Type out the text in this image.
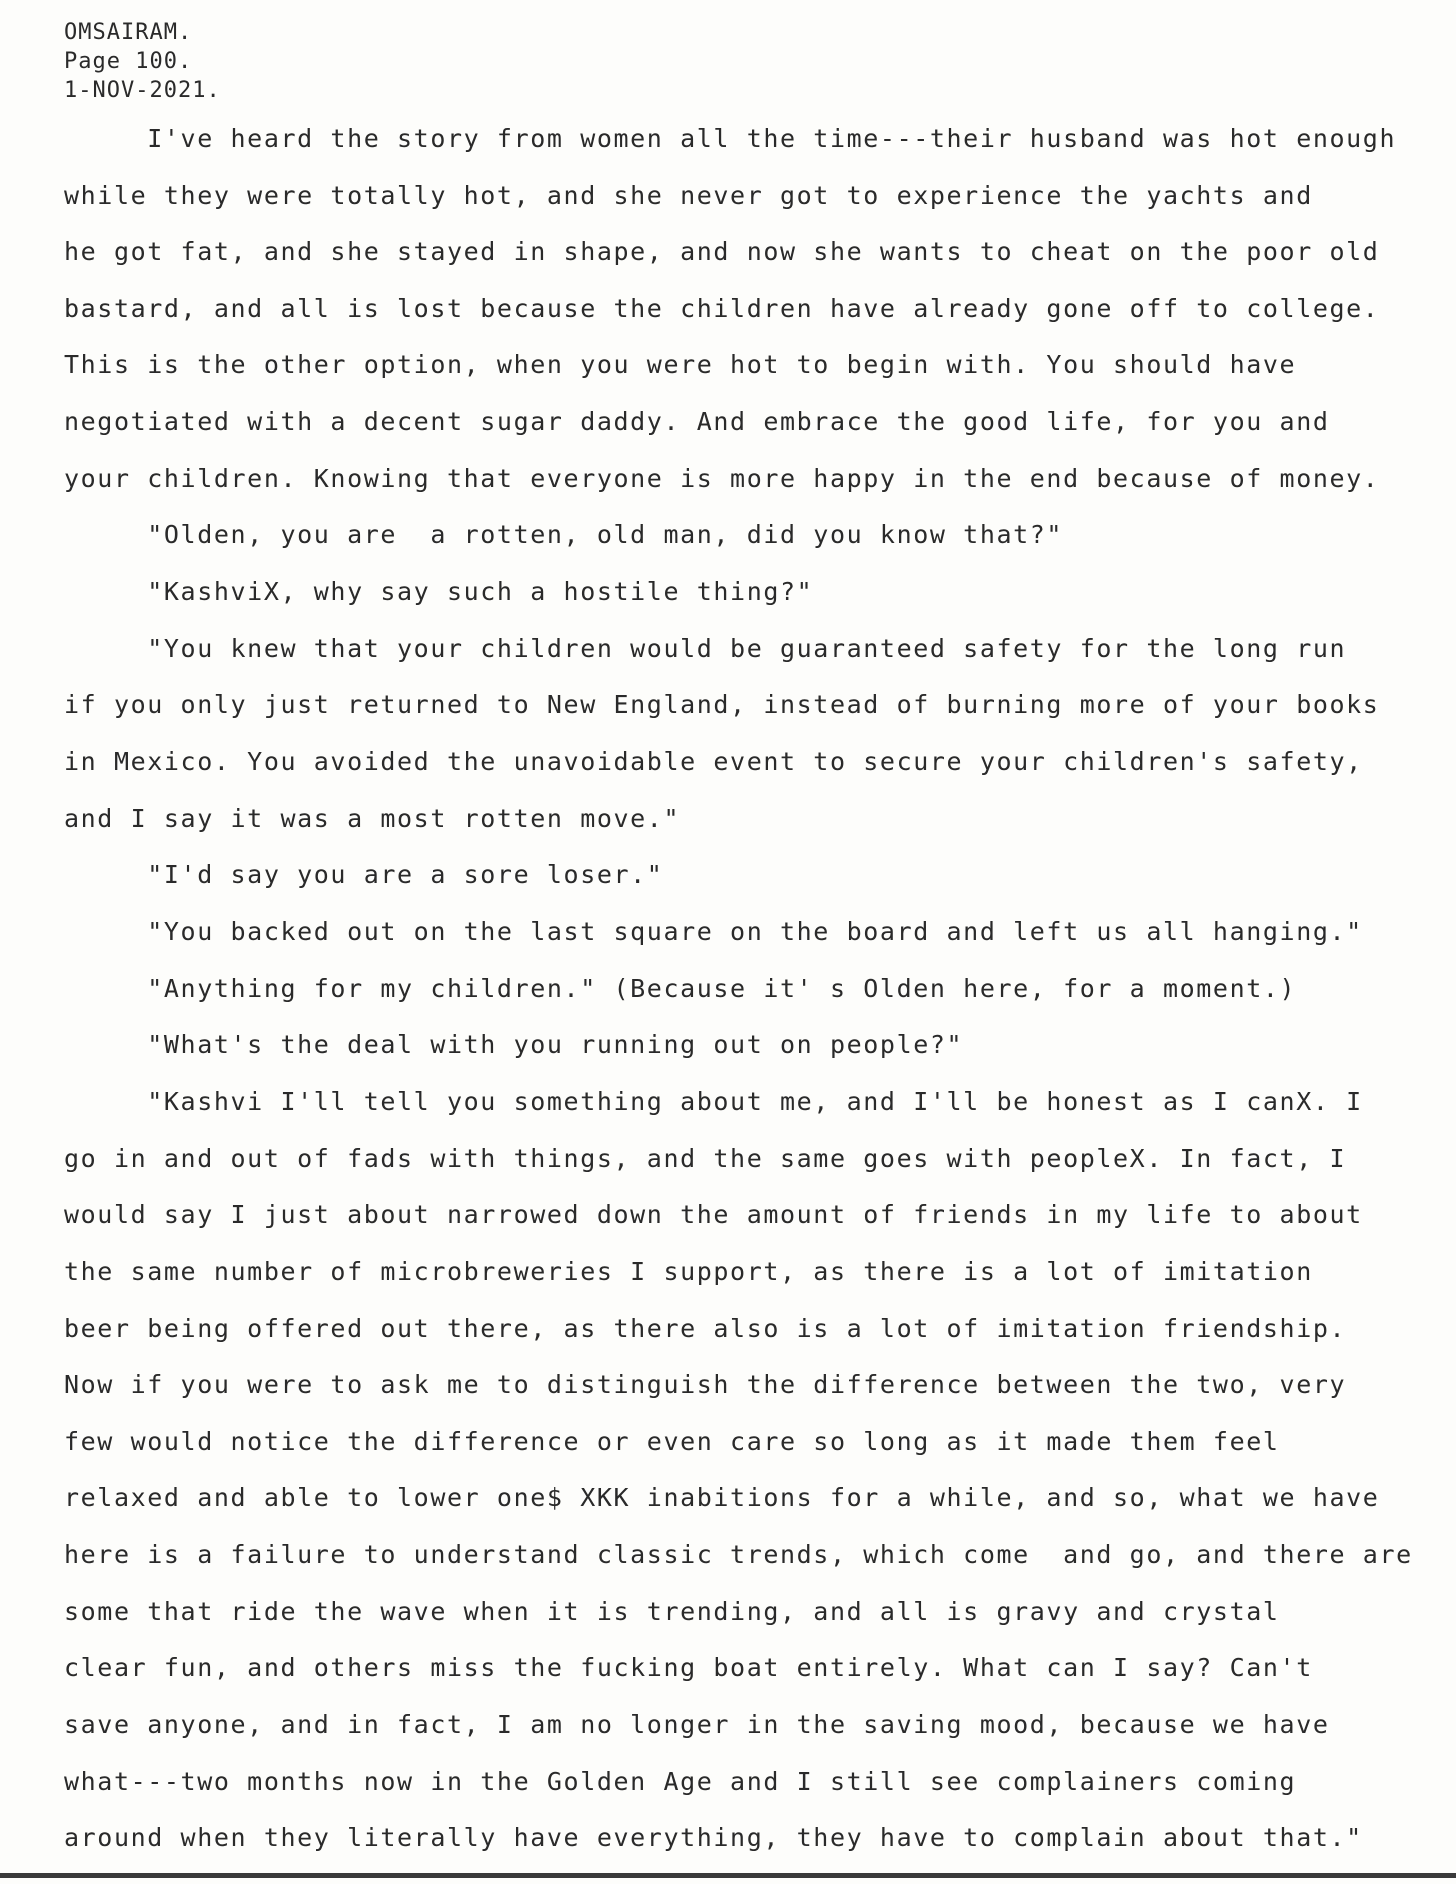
OMSAIRAM.
Page 100.
1-NOV-2021.
I've heard the story from women all the time---their husband was hot enough
while they were totally hot, and she never got to experience the yachts and
he got fat, and she stayed in shape, and now she wants to cheat on the poor old
bastard, and all is lost because the children have already gone off to college.
This is the other option, when you were hot to begin with. You should have
negotiated with a decent sugar daddy. And embrace the good life, for you and
your children. Knowing that everyone is more happy in the end because of money.
"Olden, you are  a rotten, old man, did you know that?"
"KashviX, why say such a hostile thing?"
"You knew that your children would be guaranteed safety for the long run
if you only just returned to New England, instead of burning more of your books
in Mexico. You avoided the unavoidable event to secure your children's safety,
and I say it was a most rotten move."
"I'd say you are a sore loser."
"You backed out on the last square on the board and left us all hanging."
"Anything for my children." (Because it' s Olden here, for a moment.)
"What's the deal with you running out on people?"
"Kashvi I'll tell you something about me, and I'll be honest as I canX. I
go in and out of fads with things, and the same goes with peopleX. In fact, I
would say I just about narrowed down the amount of friends in my life to about
the same number of microbreweries I support, as there is a lot of imitation
beer being offered out there, as there also is a lot of imitation friendship.
Now if you were to ask me to distinguish the difference between the two, very
few would notice the difference or even care so long as it made them feel
relaxed and able to lower one$ XKK inabitions for a while, and so, what we have
here is a failure to understand classic trends, which come  and go, and there are
some that ride the wave when it is trending, and all is gravy and crystal
clear fun, and others miss the fucking boat entirely. What can I say? Can't
save anyone, and in fact, I am no longer in the saving mood, because we have
what---two months now in the Golden Age and I still see complainers coming
around when they literally have everything, they have to complain about that."
